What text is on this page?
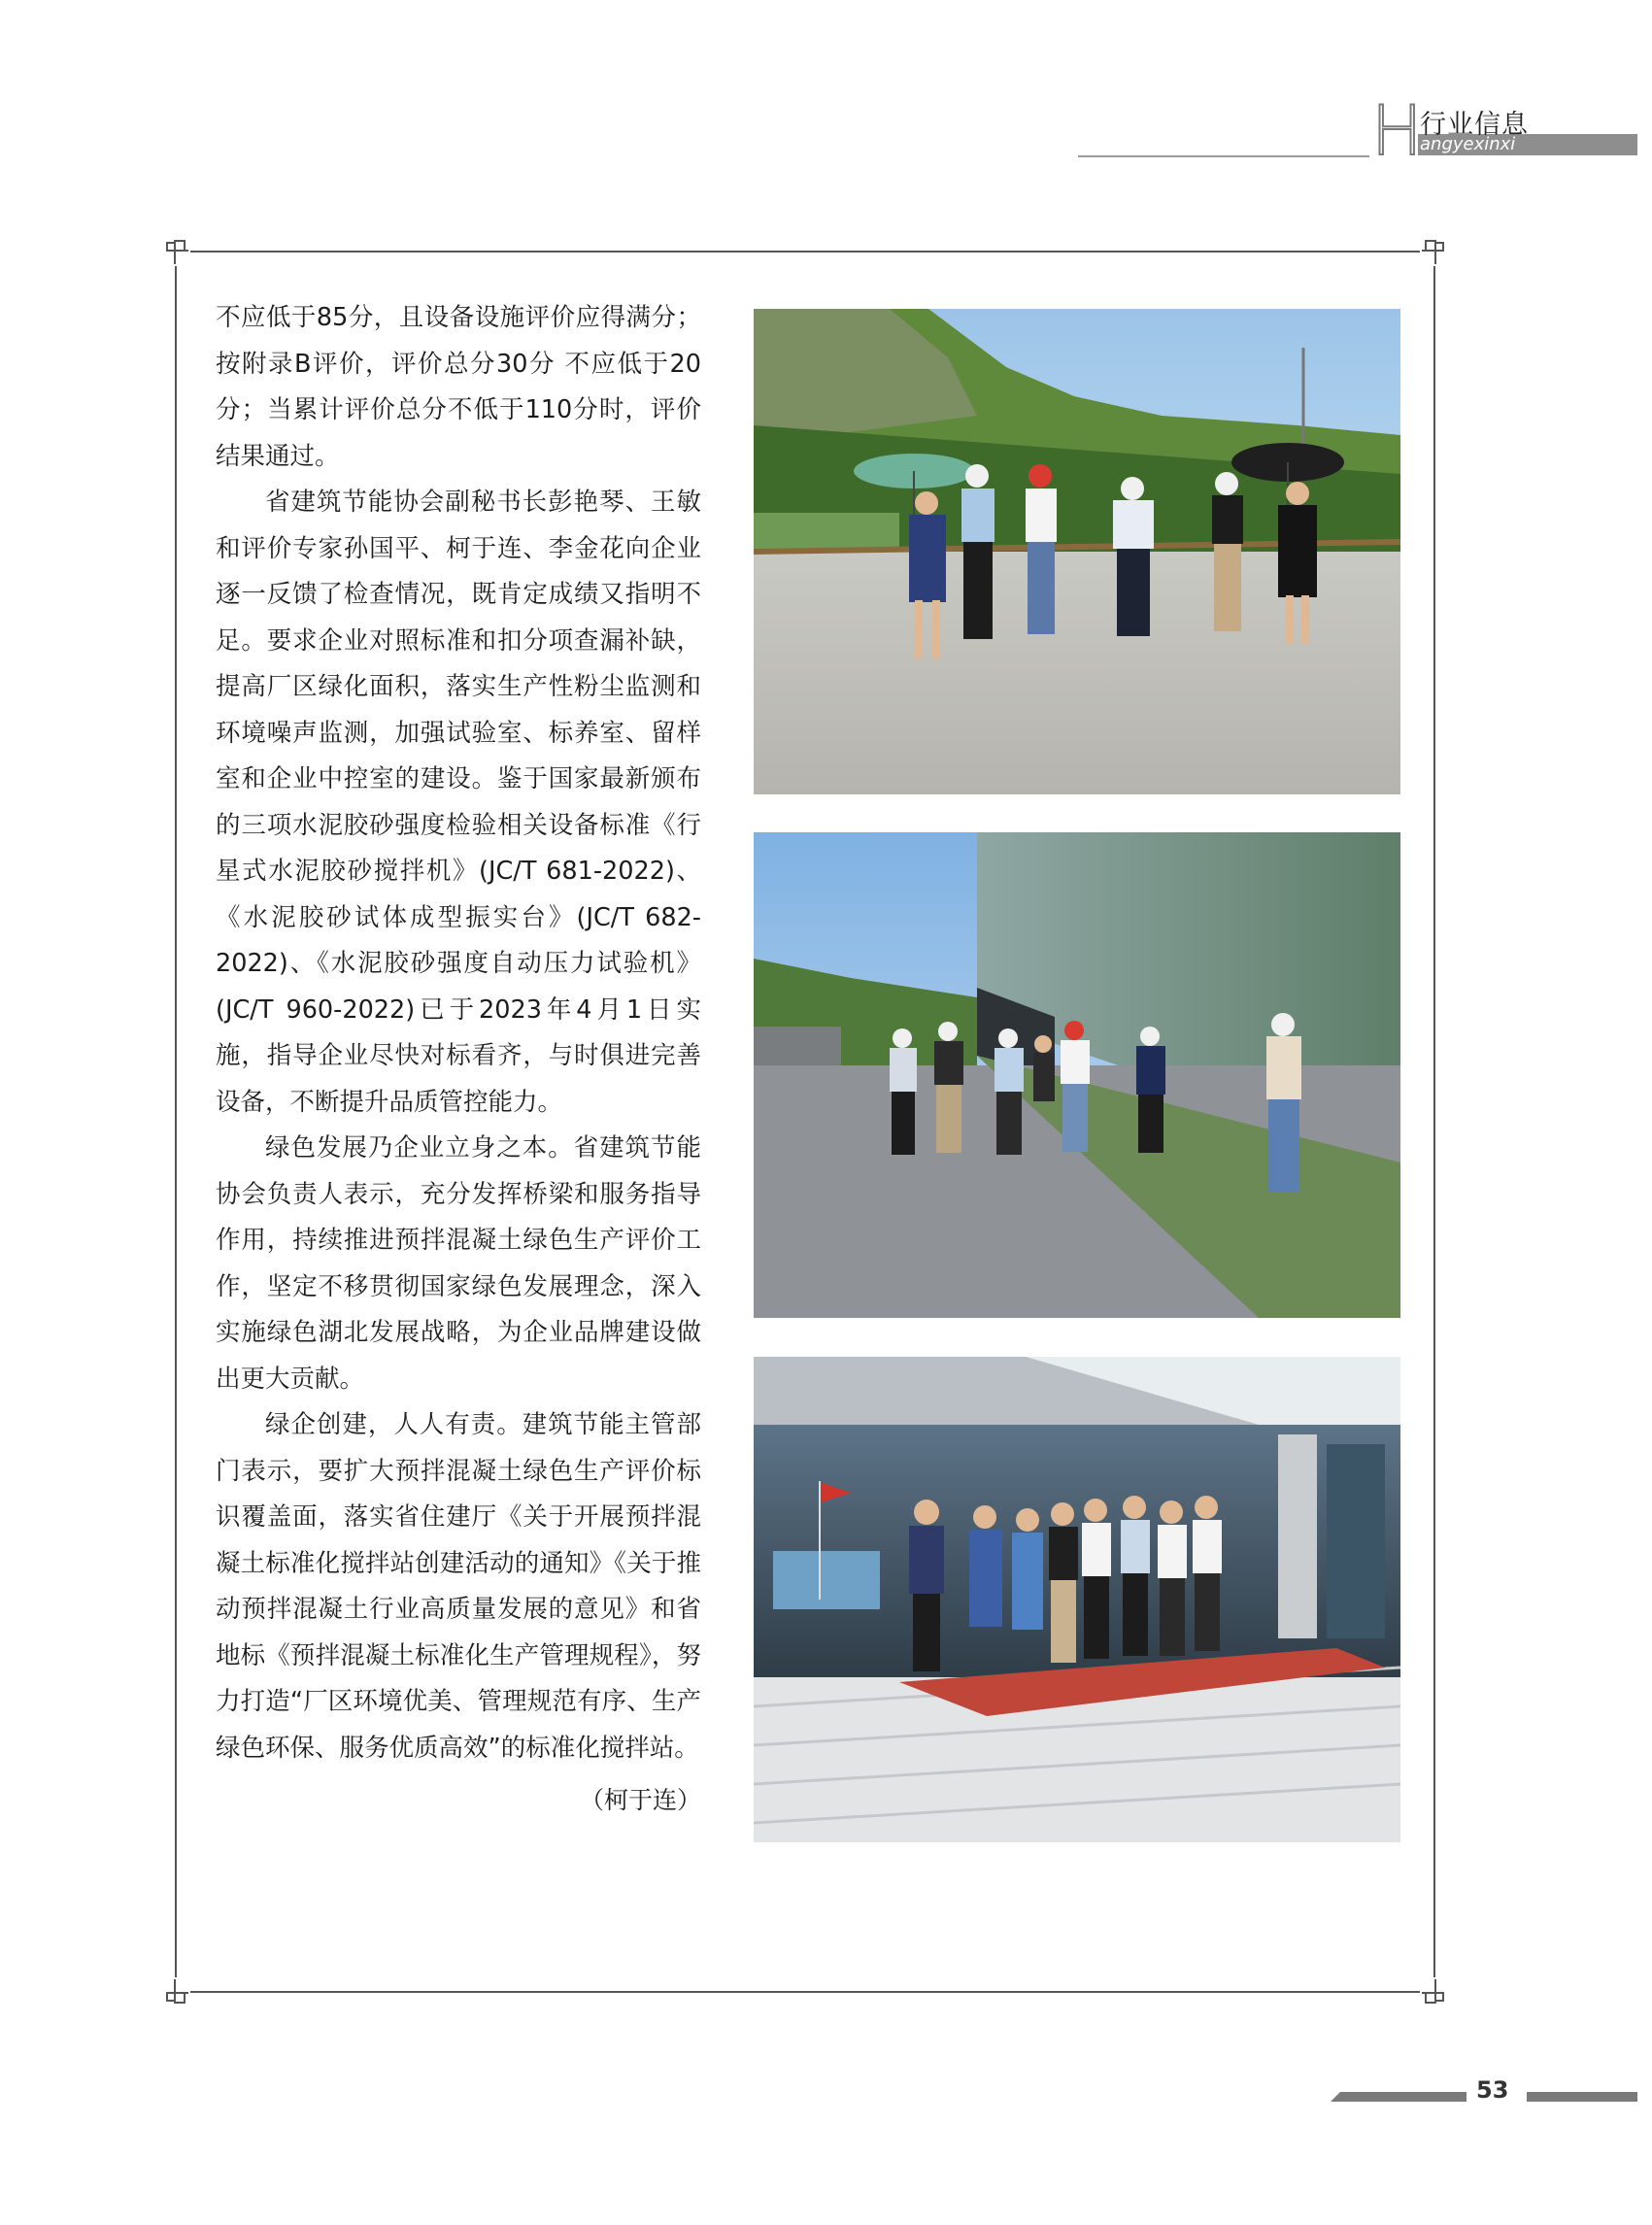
H
行业信息
angyexinxi

不应低于85分，且设备设施评价应得满分；按附录B评价，评价总分30分 不应低于20分；当累计评价总分不低于110分时，评价结果通过。

省建筑节能协会副秘书长彭艳琴、王敏和评价专家孙国平、柯于连、李金花向企业逐一反馈了检查情况，既肯定成绩又指明不足。要求企业对照标准和扣分项查漏补缺，提高厂区绿化面积，落实生产性粉尘监测和环境噪声监测，加强试验室、标养室、留样室和企业中控室的建设。鉴于国家最新颁布的三项水泥胶砂强度检验相关设备标准《行星式水泥胶砂搅拌机》(JC/T 681-2022)、《水泥胶砂试体成型振实台》(JC/T 682-2022)、《水泥胶砂强度自动压力试验机》(JC/T 960-2022)已于2023年4月1日实施，指导企业尽快对标看齐，与时俱进完善设备，不断提升品质管控能力。

绿色发展乃企业立身之本。省建筑节能协会负责人表示，充分发挥桥梁和服务指导作用，持续推进预拌混凝土绿色生产评价工作，坚定不移贯彻国家绿色发展理念，深入实施绿色湖北发展战略，为企业品牌建设做出更大贡献。

绿企创建，人人有责。建筑节能主管部门表示，要扩大预拌混凝土绿色生产评价标识覆盖面，落实省住建厅《关于开展预拌混凝土标准化搅拌站创建活动的通知》《关于推动预拌混凝土行业高质量发展的意见》和省地标《预拌混凝土标准化生产管理规程》，努力打造“厂区环境优美、管理规范有序、生产绿色环保、服务优质高效”的标准化搅拌站。

（柯于连）

53
